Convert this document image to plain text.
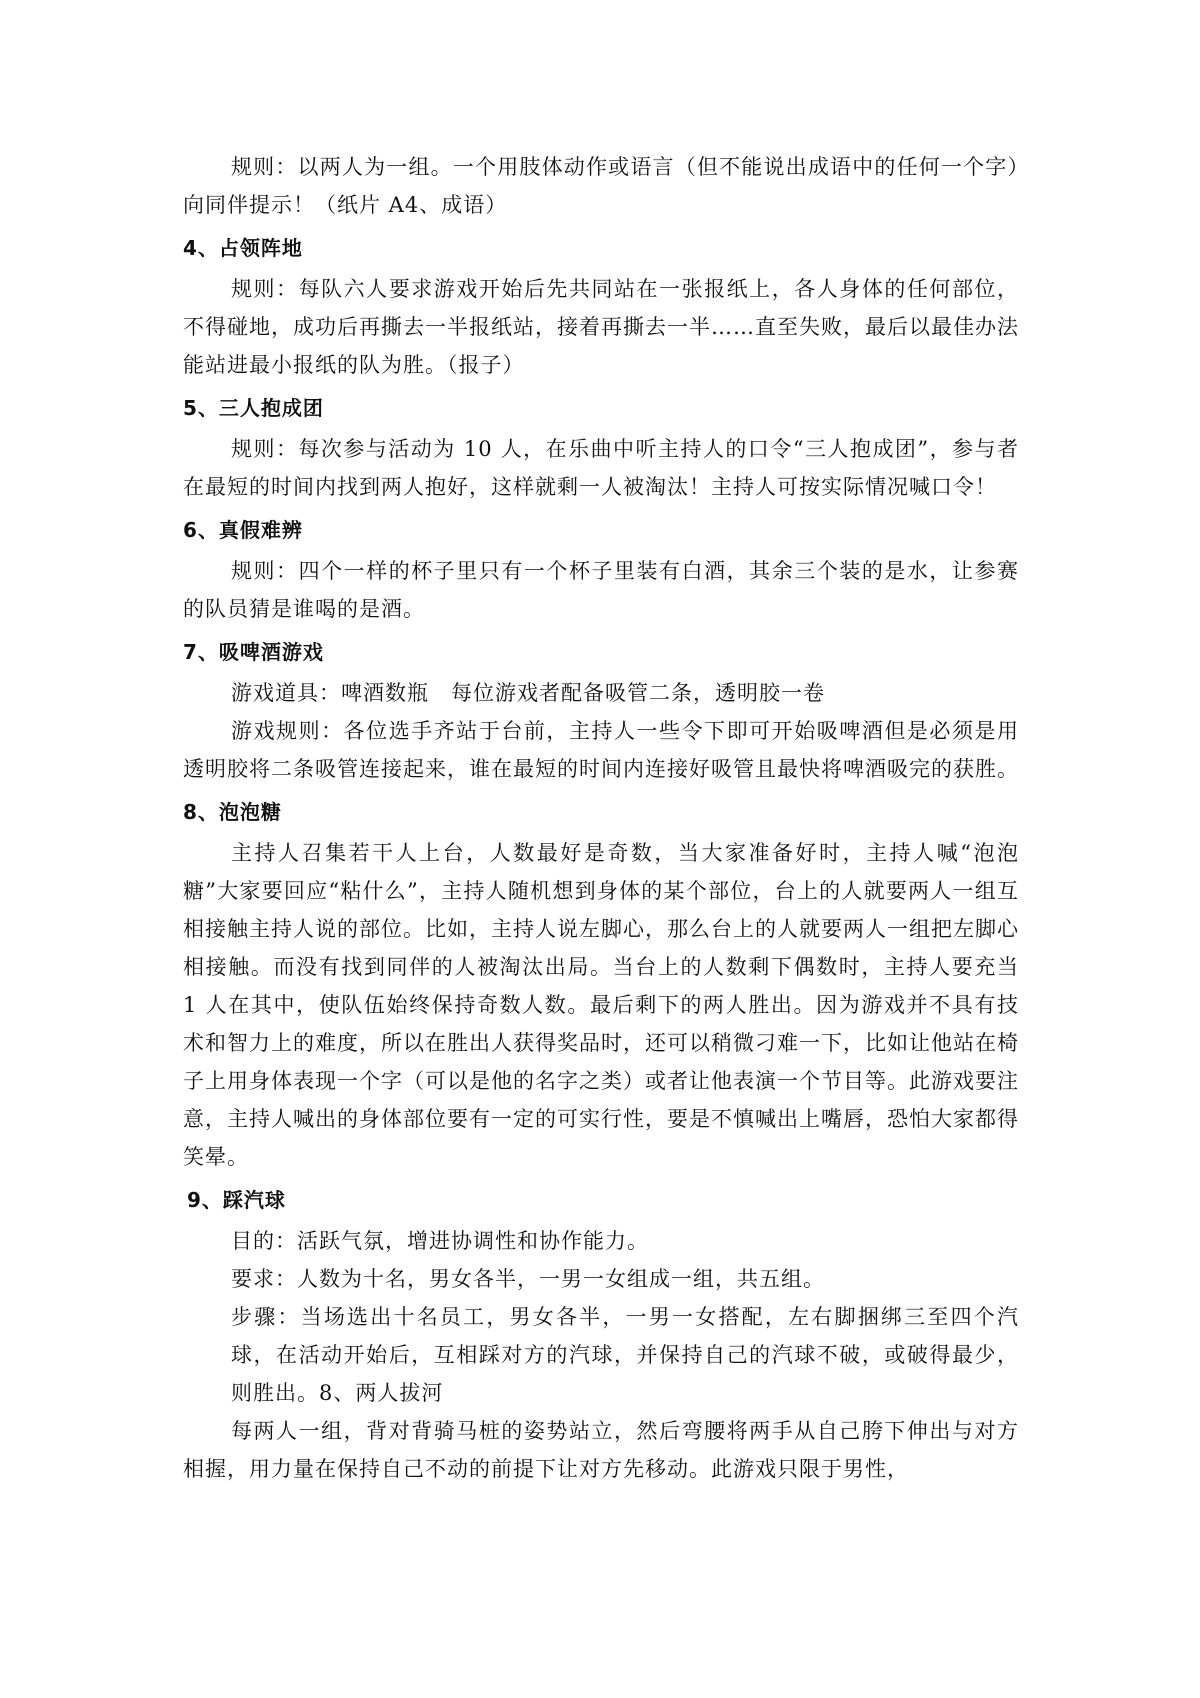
规则：以两人为一组。一个用肢体动作或语言（但不能说出成语中的任何一个字）向同伴提示！（纸片 A4、成语）

4、占领阵地

规则：每队六人要求游戏开始后先共同站在一张报纸上，各人身体的任何部位，不得碰地，成功后再撕去一半报纸站，接着再撕去一半……直至失败，最后以最佳办法能站进最小报纸的队为胜。（报子）

5、三人抱成团

规则：每次参与活动为 10 人，在乐曲中听主持人的口令“三人抱成团”，参与者在最短的时间内找到两人抱好，这样就剩一人被淘汰！主持人可按实际情况喊口令！

6、真假难辨

规则：四个一样的杯子里只有一个杯子里装有白酒，其余三个装的是水，让参赛的队员猜是谁喝的是酒。

7、吸啤酒游戏

游戏道具：啤酒数瓶　每位游戏者配备吸管二条，透明胶一卷

游戏规则：各位选手齐站于台前，主持人一些令下即可开始吸啤酒但是必须是用透明胶将二条吸管连接起来，谁在最短的时间内连接好吸管且最快将啤酒吸完的获胜。

8、泡泡糖

主持人召集若干人上台，人数最好是奇数，当大家准备好时，主持人喊“泡泡糖”大家要回应“粘什么”，主持人随机想到身体的某个部位，台上的人就要两人一组互相接触主持人说的部位。比如，主持人说左脚心，那么台上的人就要两人一组把左脚心相接触。而没有找到同伴的人被淘汰出局。当台上的人数剩下偶数时，主持人要充当 1 人在其中，使队伍始终保持奇数人数。最后剩下的两人胜出。因为游戏并不具有技术和智力上的难度，所以在胜出人获得奖品时，还可以稍微刁难一下，比如让他站在椅子上用身体表现一个字（可以是他的名字之类）或者让他表演一个节目等。此游戏要注意，主持人喊出的身体部位要有一定的可实行性，要是不慎喊出上嘴唇，恐怕大家都得笑晕。

9、踩汽球

目的：活跃气氛，增进协调性和协作能力。

要求：人数为十名，男女各半，一男一女组成一组，共五组。

步骤：当场选出十名员工，男女各半，一男一女搭配，左右脚捆绑三至四个汽球，在活动开始后，互相踩对方的汽球，并保持自己的汽球不破，或破得最少，则胜出。8、两人拔河

每两人一组，背对背骑马桩的姿势站立，然后弯腰将两手从自己胯下伸出与对方相握，用力量在保持自己不动的前提下让对方先移动。此游戏只限于男性，
